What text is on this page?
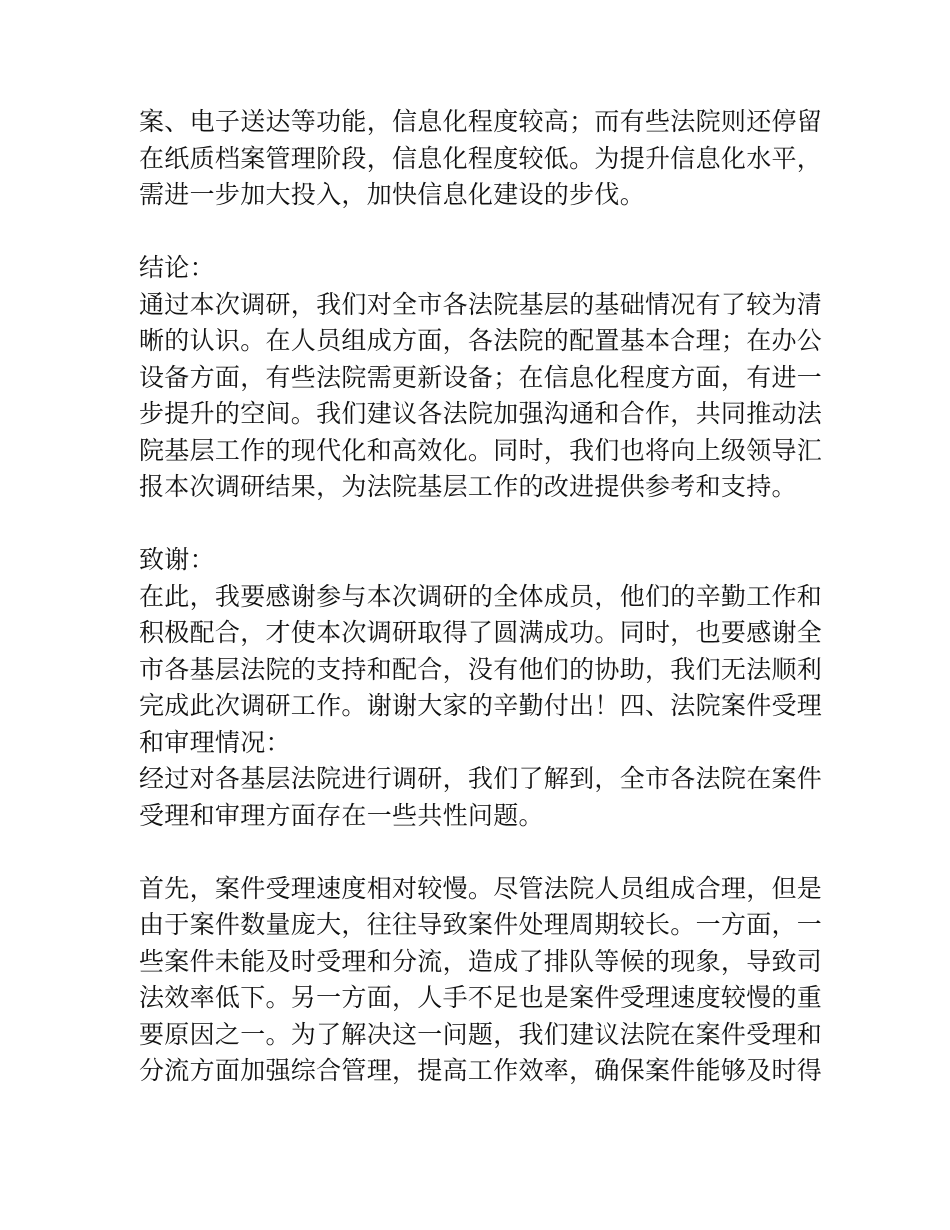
案、电子送达等功能，信息化程度较高；而有些法院则还停留
在纸质档案管理阶段，信息化程度较低。为提升信息化水平，
需进一步加大投入，加快信息化建设的步伐。
结论：
通过本次调研，我们对全市各法院基层的基础情况有了较为清
晰的认识。在人员组成方面，各法院的配置基本合理；在办公
设备方面，有些法院需更新设备；在信息化程度方面，有进一
步提升的空间。我们建议各法院加强沟通和合作，共同推动法
院基层工作的现代化和高效化。同时，我们也将向上级领导汇
报本次调研结果，为法院基层工作的改进提供参考和支持。
致谢：
在此，我要感谢参与本次调研的全体成员，他们的辛勤工作和
积极配合，才使本次调研取得了圆满成功。同时，也要感谢全
市各基层法院的支持和配合，没有他们的协助，我们无法顺利
完成此次调研工作。谢谢大家的辛勤付出！四、法院案件受理
和审理情况：
经过对各基层法院进行调研，我们了解到，全市各法院在案件
受理和审理方面存在一些共性问题。
首先，案件受理速度相对较慢。尽管法院人员组成合理，但是
由于案件数量庞大，往往导致案件处理周期较长。一方面，一
些案件未能及时受理和分流，造成了排队等候的现象，导致司
法效率低下。另一方面，人手不足也是案件受理速度较慢的重
要原因之一。为了解决这一问题，我们建议法院在案件受理和
分流方面加强综合管理，提高工作效率，确保案件能够及时得
